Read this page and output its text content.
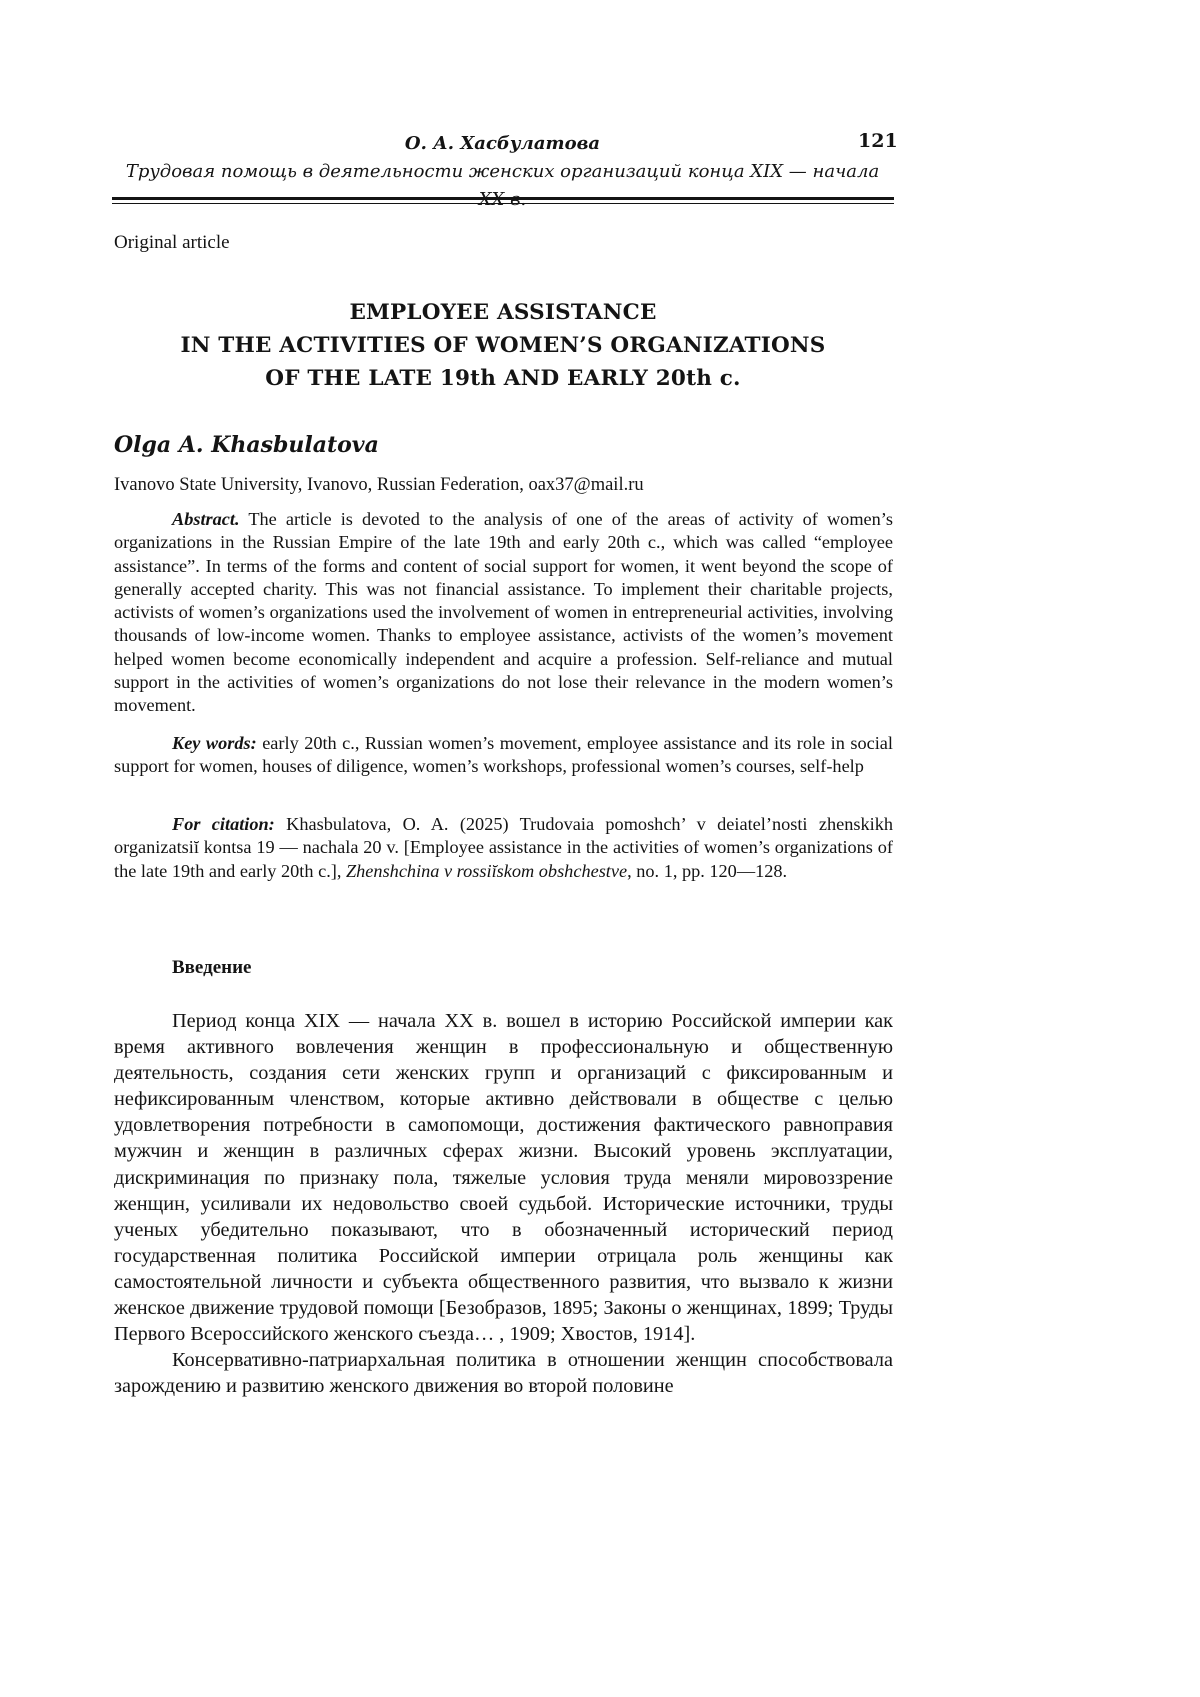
О. А. Хасбулатова
Трудовая помощь в деятельности женских организаций конца XIX — начала
121
Original article
EMPLOYEE ASSISTANCE
IN THE ACTIVITIES OF WOMEN’S ORGANIZATIONS
OF THE LATE 19th AND EARLY 20th c.
Olga A. Khasbulatova
Ivanovo State University, Ivanovo, Russian Federation, oax37@mail.ru

Abstract. The article is devoted to the analysis of one of the areas of activity of women’s organizations in the Russian Empire of the late 19th and early 20th c., which was called “employee assistance”. In terms of the forms and content of social support for women, it went beyond the scope of generally accepted charity. This was not financial assistance. To implement their charitable projects, activists of women’s organizations used the involvement of women in entrepreneurial activities, involving thousands of low-income women. Thanks to employee assistance, activists of the women’s movement helped women become economically independent and acquire a profession. Self-reliance and mutual support in the activities of women’s organizations do not lose their relevance in the modern women’s movement.

Key words: early 20th c., Russian women’s movement, employee assistance and its role in social support for women, houses of diligence, women’s workshops, professional women’s courses, self-help

For citation: Khasbulatova, O. A. (2025) Trudovaia pomoshch’ v deiatel’nosti zhenskikh organizatsiĭ kontsa 19 — nachala 20 v. [Employee assistance in the activities of women’s organizations of the late 19th and early 20th c.], Zhenshchina v rossiĭskom obshchestve, no. 1, pp. 120—128.

Введение

Период конца XIX — начала XX в. вошел в историю Российской империи как время активного вовлечения женщин в профессиональную и общественную деятельность, создания сети женских групп и организаций с фиксированным и нефиксированным членством, которые активно действовали в обществе с целью удовлетворения потребности в самопомощи, достижения фактического равноправия мужчин и женщин в различных сферах жизни. Высокий уровень эксплуатации, дискриминация по признаку пола, тяжелые условия труда меняли мировоззрение женщин, усиливали их недовольство своей судьбой. Исторические источники, труды ученых убедительно показывают, что в обозначенный исторический период государственная политика Российской империи отрицала роль женщины как самостоятельной личности и субъекта общественного развития, что вызвало к жизни женское движение трудовой помощи [Безобразов, 1895; Законы о женщинах, 1899; Труды Первого Всероссийского женского съезда… , 1909; Хвостов, 1914].

Консервативно-патриархальная политика в отношении женщин способствовала зарождению и развитию женского движения во второй половине
